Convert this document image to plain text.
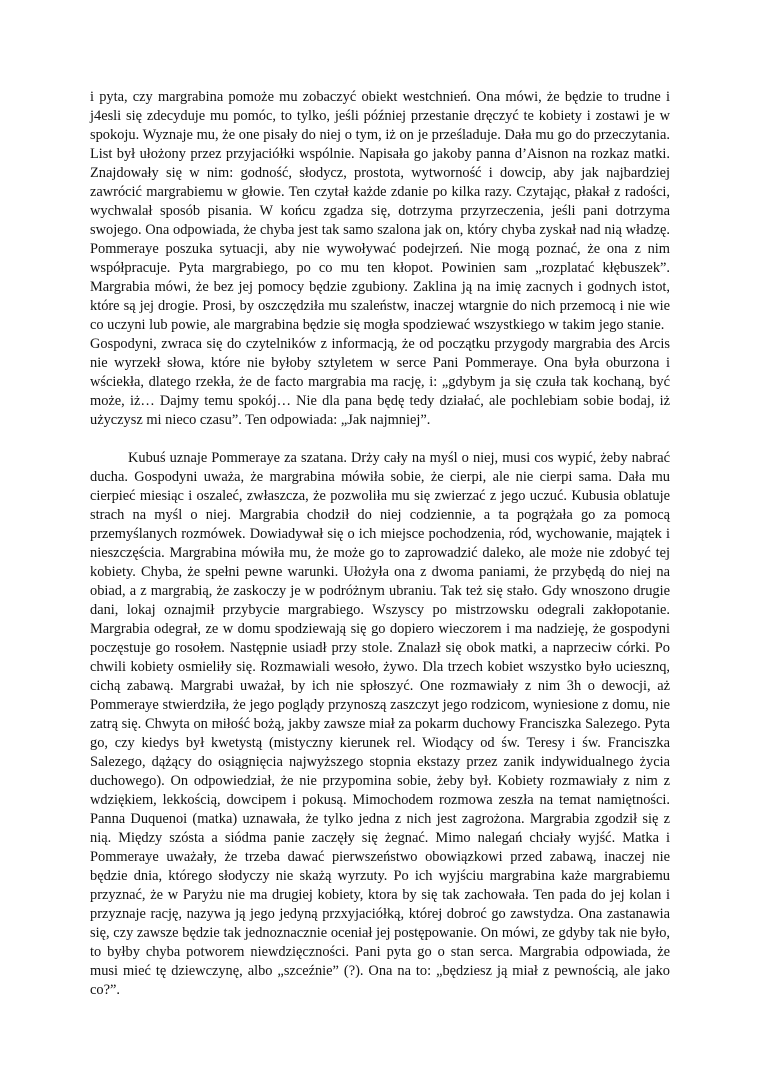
i pyta, czy margrabina pomoże mu zobaczyć obiekt westchnień. Ona mówi, że będzie to trudne i j4esli się zdecyduje mu pomóc, to tylko, jeśli później przestanie dręczyć te kobiety i zostawi je w spokoju. Wyznaje mu, że one pisały do niej o tym, iż on je prześladuje. Dała mu go do przeczytania. List był ułożony przez przyjaciółki wspólnie. Napisała go jakoby panna d’Aisnon na rozkaz matki. Znajdowały się w nim: godność, słodycz, prostota, wytworność i dowcip, aby jak najbardziej zawrócić margrabiemu w głowie. Ten czytał każde zdanie po kilka razy. Czytając, płakał z radości, wychwalał sposób pisania. W końcu zgadza się, dotrzyma przyrzeczenia, jeśli pani dotrzyma swojego. Ona odpowiada, że chyba jest tak samo szalona jak on, który chyba zyskał nad nią władzę. Pommeraye poszuka sytuacji, aby nie wywoływać podejrzeń. Nie mogą poznać, że ona z nim współpracuje. Pyta margrabiego, po co mu ten kłopot. Powinien sam „rozplatać kłębuszek”. Margrabia mówi, że bez jej pomocy będzie zgubiony. Zaklina ją na imię zacnych i godnych istot, które są jej drogie. Prosi, by oszczędziła mu szaleństw, inaczej wtargnie do nich przemocą i nie wie co uczyni lub powie, ale margrabina będzie się mogła spodziewać wszystkiego w takim jego stanie.

Gospodyni, zwraca się do czytelników z informacją, że od początku przygody margrabia des Arcis nie wyrzekł słowa, które nie byłoby sztyletem w serce Pani Pommeraye. Ona była oburzona i wściekła, dlatego rzekła, że de facto margrabia ma rację, i: „gdybym ja się czuła tak kochaną, być może, iż… Dajmy temu spokój… Nie dla pana będę tedy działać, ale pochlebiam sobie bodaj, iż użyczysz mi nieco czasu”. Ten odpowiada: „Jak najmniej”.

Kubuś uznaje Pommeraye za szatana. Drży cały na myśl o niej, musi cos wypić, żeby nabrać ducha. Gospodyni uważa, że margrabina mówiła sobie, że cierpi, ale nie cierpi sama. Dała mu cierpieć miesiąc i oszaleć, zwłaszcza, że pozwoliła mu się zwierzać z jego uczuć. Kubusia oblatuje strach na myśl o niej. Margrabia chodził do niej codziennie, a ta pogrążała go za pomocą przemyślanych rozmówek. Dowiadywał się o ich miejsce pochodzenia, ród, wychowanie, majątek i nieszczęścia. Margrabina mówiła mu, że może go to zaprowadzić daleko, ale może nie zdobyć tej kobiety. Chyba, że spełni pewne warunki. Ułożyła ona z dwoma paniami, że przybędą do niej na obiad, a z margrabią, że zaskoczy je w podróżnym ubraniu. Tak też się stało. Gdy wnoszono drugie dani, lokaj oznajmił przybycie margrabiego. Wszyscy po mistrzowsku odegrali zakłopotanie. Margrabia odegrał, ze w domu spodziewają się go dopiero wieczorem i ma nadzieję, że gospodyni poczęstuje go rosołem. Następnie usiadł przy stole. Znalazł się obok matki, a naprzeciw córki. Po chwili kobiety osmieliły się. Rozmawiali wesoło, żywo. Dla trzech kobiet wszystko było uciesznq, cichą zabawą. Margrabi uważał, by ich nie spłoszyć. One rozmawiały z nim 3h o dewocji, aż Pommeraye stwierdziła, że jego poglądy przynoszą zaszczyt jego rodzicom, wyniesione z domu, nie zatrą się. Chwyta on miłość bożą, jakby zawsze miał za pokarm duchowy Franciszka Salezego. Pyta go, czy kiedys był kwetystą (mistyczny kierunek rel. Wiodący od św. Teresy i św. Franciszka Salezego, dążący do osiągnięcia najwyższego stopnia ekstazy przez zanik indywidualnego życia duchowego). On odpowiedział, że nie przypomina sobie, żeby był. Kobiety rozmawiały z nim z wdziękiem, lekkością, dowcipem i pokusą. Mimochodem rozmowa zeszła na temat namiętności. Panna Duquenoi (matka) uznawała, że tylko jedna z nich jest zagrożona. Margrabia zgodził się z nią. Między szósta a siódma panie zaczęły się żegnać. Mimo nalegań chciały wyjść. Matka i Pommeraye uważały, że trzeba dawać pierwszeństwo obowiązkowi przed zabawą, inaczej nie będzie dnia, którego słodyczy nie skażą wyrzuty. Po ich wyjściu margrabina każe margrabiemu przyznać, że w Paryżu nie ma drugiej kobiety, ktora by się tak zachowała. Ten pada do jej kolan i przyznaje rację, nazywa ją jego jedyną przxyjaciółką, której dobroć go zawstydza. Ona zastanawia się, czy zawsze będzie tak jednoznacznie oceniał jej postępowanie. On mówi, ze gdyby tak nie było, to byłby chyba potworem niewdzięczności. Pani pyta go o stan serca. Margrabia odpowiada, że musi mieć tę dziewczynę, albo „szceźnie” (?). Ona na to: „będziesz ją miał z pewnością, ale jako co?”.
